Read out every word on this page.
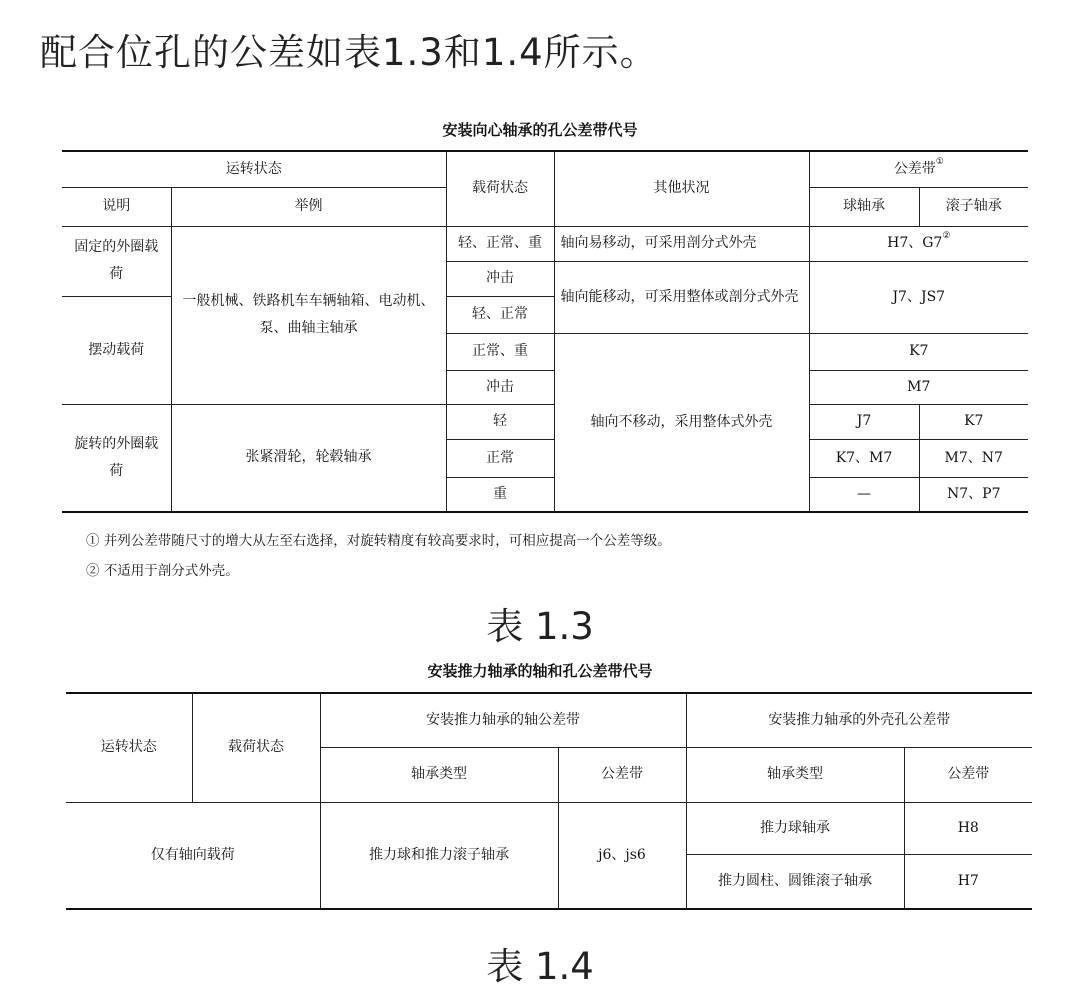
配合位孔的公差如表1.3和1.4所示。
安装向心轴承的孔公差带代号
运转状态		载荷状态	其他状况	公差带①
说明	举例			球轴承	滚子轴承
固定的外圈载荷	一般机械、铁路机车车辆轴箱、电动机、泵、曲轴主轴承	轻、正常、重	轴向易移动，可采用剖分式外壳	H7、G7②
		冲击	轴向能移动，可采用整体或剖分式外壳	J7、JS7	
摆动载荷		轻、正常			
		正常、重	轴向不移动，采用整体式外壳	K7	
		冲击		M7	
旋转的外圈载荷	张紧滑轮，轮毂轴承	轻		J7	K7
		正常		K7、M7	M7、N7
		重		—	N7、P7
① 并列公差带随尺寸的增大从左至右选择，对旋转精度有较高要求时，可相应提高一个公差等级。
② 不适用于剖分式外壳。
表 1.3
安装推力轴承的轴和孔公差带代号
运转状态	载荷状态	安装推力轴承的轴公差带		安装推力轴承的外壳孔公差带	
		轴承类型	公差带	轴承类型	公差带
仅有轴向载荷		推力球和推力滚子轴承	j6、js6	推力球轴承	H8
				推力圆柱、圆锥滚子轴承	H7
表 1.4
